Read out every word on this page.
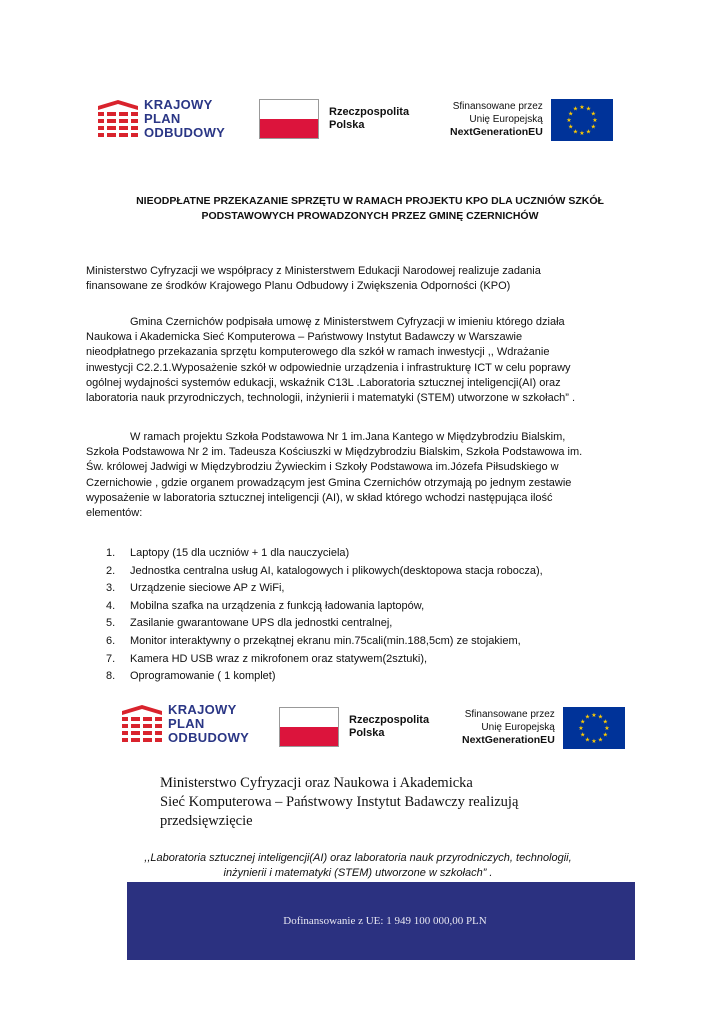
KRAJOWY
PLAN
ODBUDOWY
Rzeczpospolita
Polska
Sfinansowane przez
Unię Europejską
NextGenerationEU
★ ★
★
★
★
★
★
★
★
★
★
★
NIEODPŁATNE PRZEKAZANIE SPRZĘTU W RAMACH PROJEKTU KPO DLA UCZNIÓW SZKÓŁ
PODSTAWOWYCH PROWADZONYCH PRZEZ GMINĘ CZERNICHÓW
Ministerstwo Cyfryzacji we współpracy z Ministerstwem Edukacji Narodowej realizuje zadania
finansowane ze środków Krajowego Planu Odbudowy i Zwiększenia Odporności (KPO)
Gmina Czernichów podpisała umowę z Ministerstwem Cyfryzacji w imieniu którego działa
Naukowa i Akademicka Sieć Komputerowa – Państwowy Instytut Badawczy w Warszawie
nieodpłatnego przekazania sprzętu komputerowego dla szkół w ramach inwestycji ,, Wdrażanie
inwestycji C2.2.1.Wyposażenie szkół w odpowiednie urządzenia i infrastrukturę ICT w celu poprawy
ogólnej wydajności systemów edukacji, wskaźnik C13L .Laboratoria sztucznej inteligencji(AI) oraz
laboratoria nauk przyrodniczych, technologii, inżynierii i matematyki (STEM) utworzone w szkołach” .
W ramach projektu Szkoła Podstawowa Nr 1 im.Jana Kantego w Międzybrodziu Bialskim,
Szkoła Podstawowa Nr 2 im. Tadeusza Kościuszki w Międzybrodziu Bialskim, Szkoła Podstawowa im.
Św. królowej Jadwigi w Międzybrodziu Żywieckim i Szkoły Podstawowa im.Józefa Piłsudskiego w
Czernichowie , gdzie organem prowadzącym jest Gmina Czernichów otrzymają po jednym zestawie
wyposażenie w laboratoria sztucznej inteligencji (AI), w skład którego wchodzi następująca ilość
elementów:
1.	Laptopy (15 dla uczniów + 1 dla nauczyciela)
2.	Jednostka centralna usług AI, katalogowych i plikowych(desktopowa stacja robocza),
3.	Urządzenie sieciowe AP z WiFi,
4.	Mobilna szafka na urządzenia z funkcją ładowania laptopów,
5.	Zasilanie gwarantowane UPS dla jednostki centralnej,
6.	Monitor interaktywny o przekątnej ekranu min.75cali(min.188,5cm) ze stojakiem,
7.	Kamera HD USB wraz z mikrofonem oraz statywem(2sztuki),
8.	Oprogramowanie ( 1 komplet)
KRAJOWY
PLAN
ODBUDOWY
Rzeczpospolita
Polska
Sfinansowane przez
Unię Europejską
NextGenerationEU
★ ★
★
★
★
★
★
★
★
★
★
★
Ministerstwo Cyfryzacji oraz Naukowa i Akademicka
Sieć Komputerowa – Państwowy Instytut Badawczy realizują
przedsięwzięcie
,,Laboratoria sztucznej inteligencji(AI) oraz laboratoria nauk przyrodniczych, technologii,
inżynierii i matematyki (STEM) utworzone w szkołach” .
Dofinansowanie z UE: 1 949 100 000,00 PLN
